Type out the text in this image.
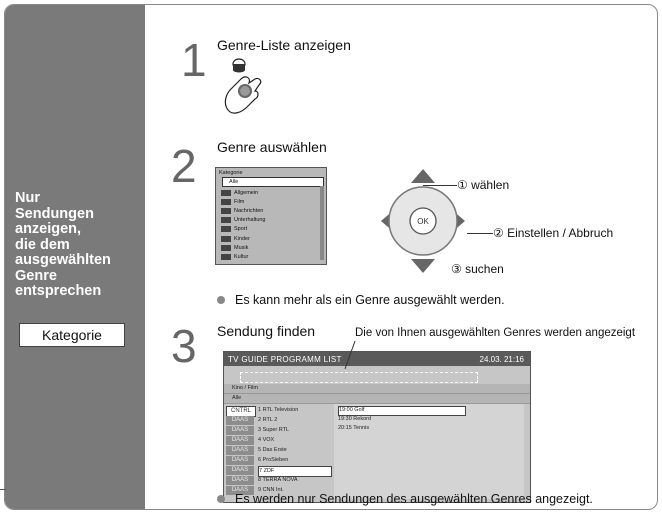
Nur
Sendungen
anzeigen,
die dem
ausgewählten
Genre
entsprechen
Kategorie
1 Genre-Liste anzeigen
2 Genre auswählen
Kategorie
Alle
Allgemein
Film
Nachrichten
Unterhaltung
Sport
Kinder
Musik
Kultur
OK
① wählen
② Einstellen / Abbruch
③ suchen
Es kann mehr als ein Genre ausgewählt werden.
3 Sendung finden	Die von Ihnen ausgewählten Genres werden angezeigt
TV GUIDE PROGRAMM LIST	24.03. 21:16
Kino / Film
Alle
CNTRL
DAAS
DAAS
DAAS
DAAS
DAAS
DAAS
DAAS
DAAS
1 RTL Television
2 RTL 2
3 Super RTL
4 VOX
5 Das Erste
6 ProSieben
7 ZDF
8 TERRA NOVA
9 CNN Int.
19:00 Golf
19:30 Rekord
20:15 Tennis
Es werden nur Sendungen des ausgewählten Genres angezeigt.
